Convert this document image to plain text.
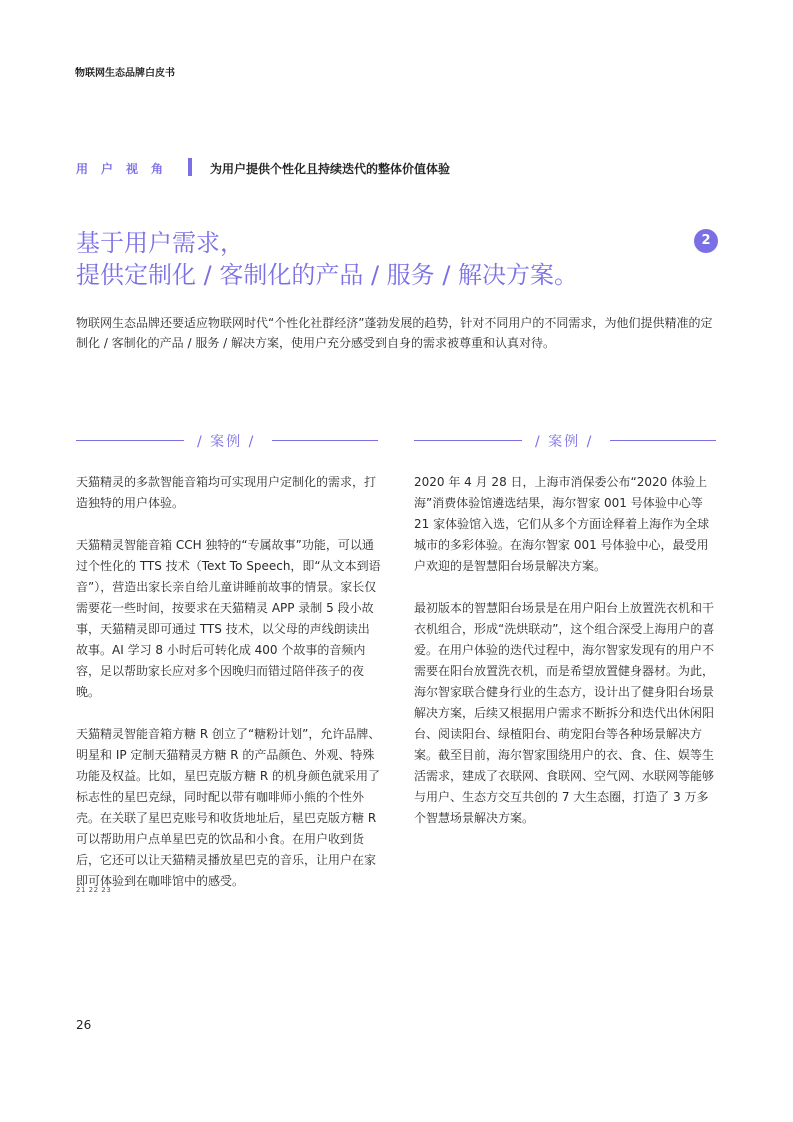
物联网生态品牌白皮书
用户视角	为用户提供个性化且持续迭代的整体价值体验
基于用户需求，
提供定制化 / 客制化的产品 / 服务 / 解决方案。
2
物联网生态品牌还要适应物联网时代“个性化社群经济”蓬勃发展的趋势，针对不同用户的不同需求，为他们提供精准的定制化 / 客制化的产品 / 服务 / 解决方案，使用户充分感受到自身的需求被尊重和认真对待。
/ 案例 /	/ 案例 /

天猫精灵的多款智能音箱均可实现用户定制化的需求，打造独特的用户体验。

天猫精灵智能音箱 CCH 独特的“专属故事”功能，可以通过个性化的 TTS 技术（Text To Speech，即“从文本到语音”），营造出家长亲自给儿童讲睡前故事的情景。家长仅需要花一些时间，按要求在天猫精灵 APP 录制 5 段小故事，天猫精灵即可通过 TTS 技术，以父母的声线朗读出故事。AI 学习 8 小时后可转化成 400 个故事的音频内容，足以帮助家长应对多个因晚归而错过陪伴孩子的夜晚。

天猫精灵智能音箱方糖 R 创立了“糖粉计划”，允许品牌、明星和 IP 定制天猫精灵方糖 R 的产品颜色、外观、特殊功能及权益。比如，星巴克版方糖 R 的机身颜色就采用了标志性的星巴克绿，同时配以带有咖啡师小熊的个性外壳。在关联了星巴克账号和收货地址后，星巴克版方糖 R 可以帮助用户点单星巴克的饮品和小食。在用户收到货后，它还可以让天猫精灵播放星巴克的音乐，让用户在家即可体验到在咖啡馆中的感受。

21 22 23

2020 年 4 月 28 日，上海市消保委公布“2020 体验上海”消费体验馆遴选结果，海尔智家 001 号体验中心等 21 家体验馆入选，它们从多个方面诠释着上海作为全球城市的多彩体验。在海尔智家 001 号体验中心，最受用户欢迎的是智慧阳台场景解决方案。

最初版本的智慧阳台场景是在用户阳台上放置洗衣机和干衣机组合，形成“洗烘联动”，这个组合深受上海用户的喜爱。在用户体验的迭代过程中，海尔智家发现有的用户不需要在阳台放置洗衣机，而是希望放置健身器材。为此，海尔智家联合健身行业的生态方，设计出了健身阳台场景解决方案，后续又根据用户需求不断拆分和迭代出休闲阳台、阅读阳台、绿植阳台、萌宠阳台等各种场景解决方案。截至目前，海尔智家围绕用户的衣、食、住、娱等生活需求，建成了衣联网、食联网、空气网、水联网等能够与用户、生态方交互共创的 7 大生态圈，打造了 3 万多个智慧场景解决方案。

26
